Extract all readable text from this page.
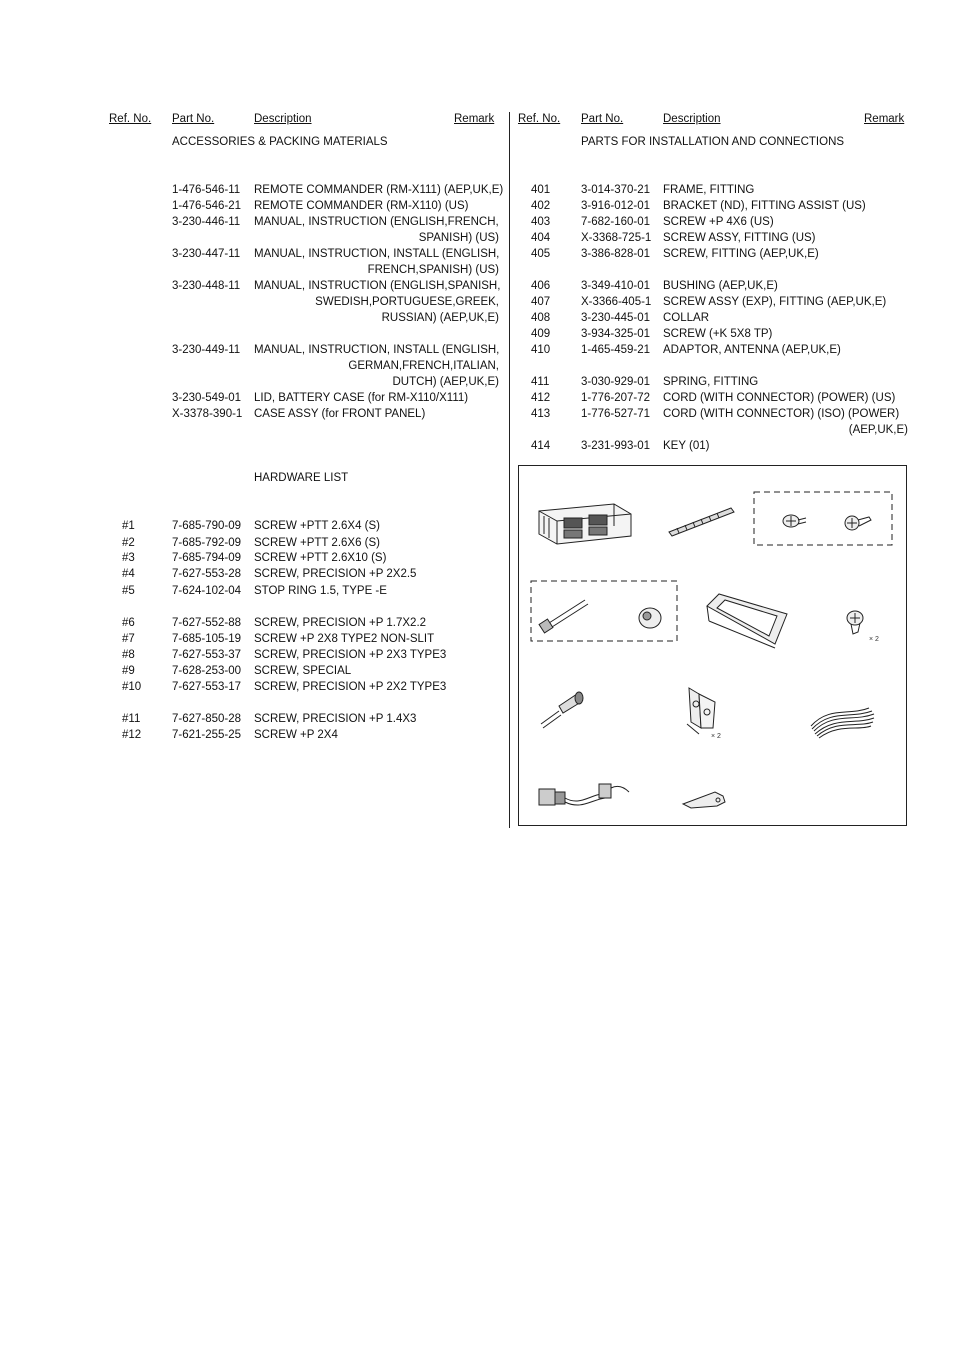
Ref. No. Part No.	Description	Remark Ref. No. Part No.	Description	Remark
ACCESSORIES & PACKING MATERIALS
1-476-546-11 REMOTE COMMANDER (RM-X111) (AEP,UK,E)
1-476-546-21 REMOTE COMMANDER (RM-X110) (US)
3-230-446-11 MANUAL, INSTRUCTION (ENGLISH,FRENCH,
SPANISH) (US)
3-230-447-11 MANUAL, INSTRUCTION, INSTALL (ENGLISH,
FRENCH,SPANISH) (US)
3-230-448-11 MANUAL, INSTRUCTION (ENGLISH,SPANISH,
SWEDISH,PORTUGUESE,GREEK,
RUSSIAN) (AEP,UK,E)
3-230-449-11 MANUAL, INSTRUCTION, INSTALL (ENGLISH,
GERMAN,FRENCH,ITALIAN,
DUTCH) (AEP,UK,E)
3-230-549-01 LID, BATTERY CASE (for RM-X110/X111)
X-3378-390-1 CASE ASSY (for FRONT PANEL)
HARDWARE LIST
#1	7-685-790-09 SCREW +PTT 2.6X4 (S)
#2	7-685-792-09 SCREW +PTT 2.6X6 (S)
#3	7-685-794-09 SCREW +PTT 2.6X10 (S)
#4	7-627-553-28 SCREW, PRECISION +P 2X2.5
#5	7-624-102-04 STOP RING 1.5, TYPE -E
#6	7-627-552-88 SCREW, PRECISION +P 1.7X2.2
#7	7-685-105-19 SCREW +P 2X8 TYPE2 NON-SLIT
#8	7-627-553-37 SCREW, PRECISION +P 2X3 TYPE3
#9	7-628-253-00 SCREW, SPECIAL
#10	7-627-553-17 SCREW, PRECISION +P 2X2 TYPE3
#11	7-627-850-28 SCREW, PRECISION +P 1.4X3
#12	7-621-255-25 SCREW +P 2X4
PARTS FOR INSTALLATION AND CONNECTIONS
401	3-014-370-21 FRAME, FITTING
402	3-916-012-01 BRACKET (ND), FITTING ASSIST (US)
403	7-682-160-01 SCREW +P 4X6 (US)
404	X-3368-725-1 SCREW ASSY, FITTING (US)
405	3-386-828-01 SCREW, FITTING (AEP,UK,E)
406	3-349-410-01 BUSHING (AEP,UK,E)
407	X-3366-405-1 SCREW ASSY (EXP), FITTING (AEP,UK,E)
408	3-230-445-01 COLLAR
409	3-934-325-01 SCREW (+K 5X8 TP)
410	1-465-459-21 ADAPTOR, ANTENNA (AEP,UK,E)
411	3-030-929-01 SPRING, FITTING
412	1-776-207-72 CORD (WITH CONNECTOR) (POWER) (US)
413	1-776-527-71 CORD (WITH CONNECTOR) (ISO) (POWER)
(AEP,UK,E)
414	3-231-993-01 KEY (01)
× 2
× 2
